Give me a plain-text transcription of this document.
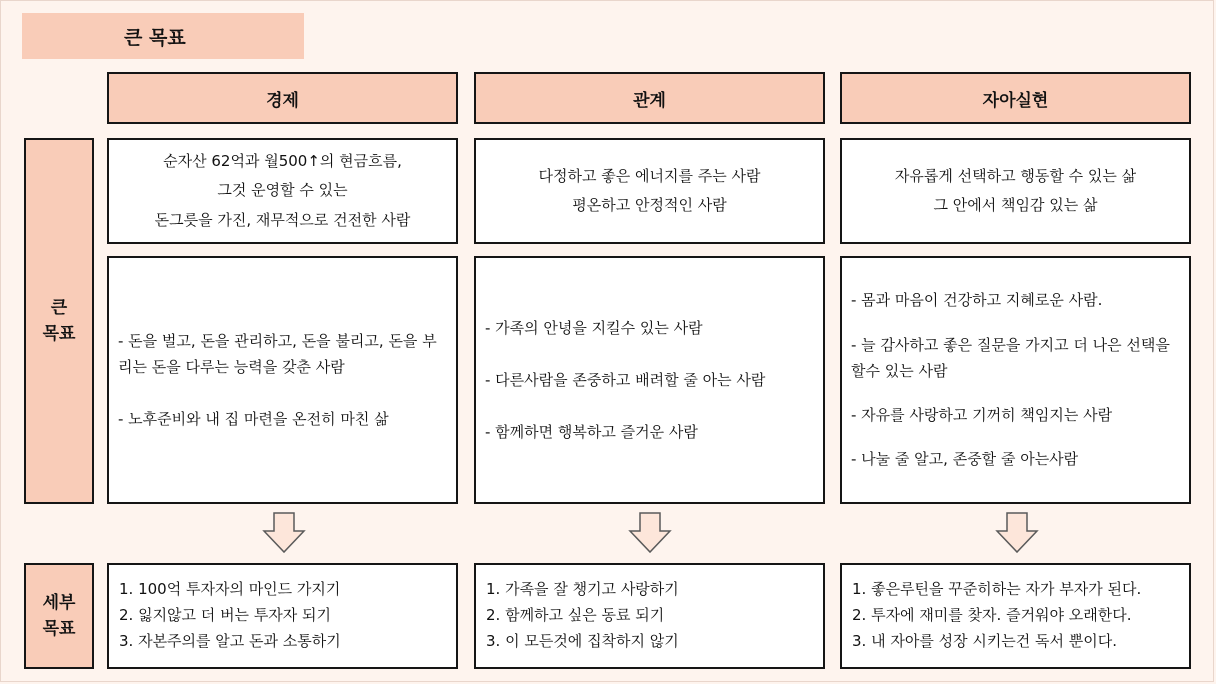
큰 목표
경제	관계	자아실현
큰
목표
순자산 62억과 월500↑의 현금흐름,
그것 운영할 수 있는
돈그릇을 가진, 재무적으로 건전한 사람
다정하고 좋은 에너지를 주는 사람
평온하고 안정적인 사람
자유롭게 선택하고 행동할 수 있는 삶
그 안에서 책임감 있는 삶

- 돈을 벌고, 돈을 관리하고, 돈을 불리고, 돈을 부리는 돈을 다루는 능력을 갖춘 사람

- 노후준비와 내 집 마련을 온전히 마친 삶

- 가족의 안녕을 지킬수 있는 사람

- 다른사람을 존중하고 배려할 줄 아는 사람

- 함께하면 행복하고 즐거운 사람

- 몸과 마음이 건강하고 지혜로운 사람.

- 늘 감사하고 좋은 질문을 가지고 더 나은 선택을 할수 있는 사람

- 자유를 사랑하고 기꺼히 책임지는 사람

- 나눌 줄 알고, 존중할 줄 아는사람

세부
목표
1. 100억 투자자의 마인드 가지기
2. 잃지않고 더 버는 투자자 되기
3. 자본주의를 알고 돈과 소통하기
1. 가족을 잘 챙기고 사랑하기
2. 함께하고 싶은 동료 되기
3. 이 모든것에 집착하지 않기
1. 좋은루틴을 꾸준히하는 자가 부자가 된다.
2. 투자에 재미를 찾자. 즐거워야 오래한다.
3. 내 자아를 성장 시키는건 독서 뿐이다.
